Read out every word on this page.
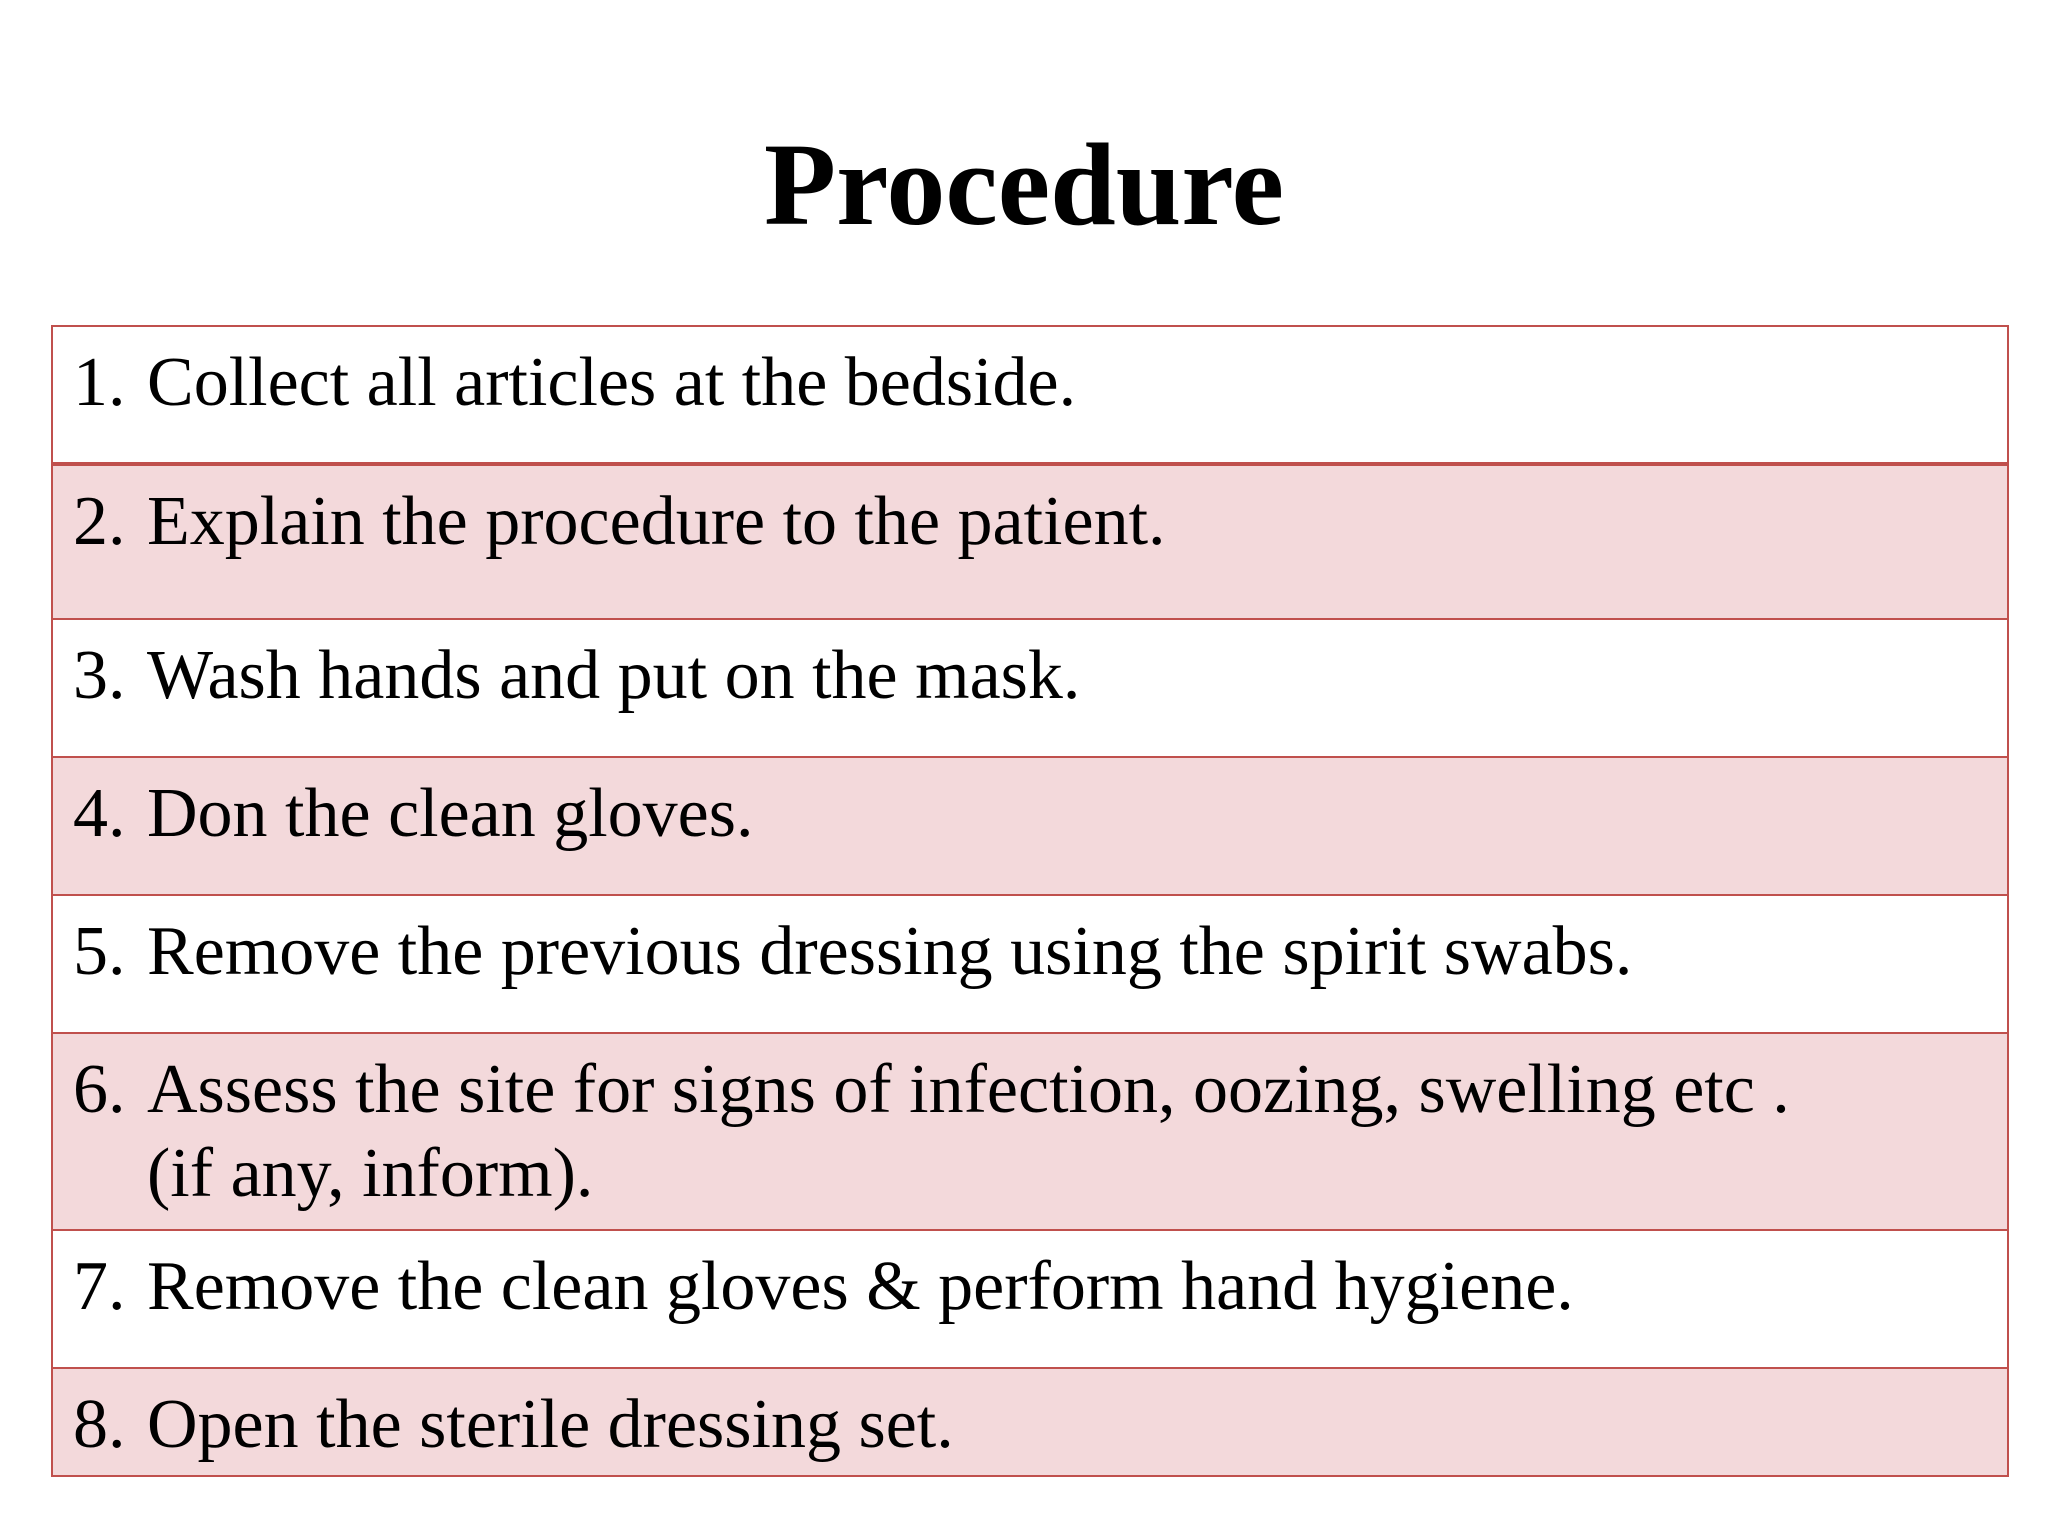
Procedure
1. Collect all articles at the bedside.

2. Explain the procedure to the patient.

3. Wash hands and put on the mask.

4. Don the clean gloves.

5. Remove the previous dressing using the spirit swabs.

6. Assess the site for signs of infection, oozing, swelling etc .
(if any, inform).

7. Remove the clean gloves & perform hand hygiene.

8. Open the sterile dressing set.
